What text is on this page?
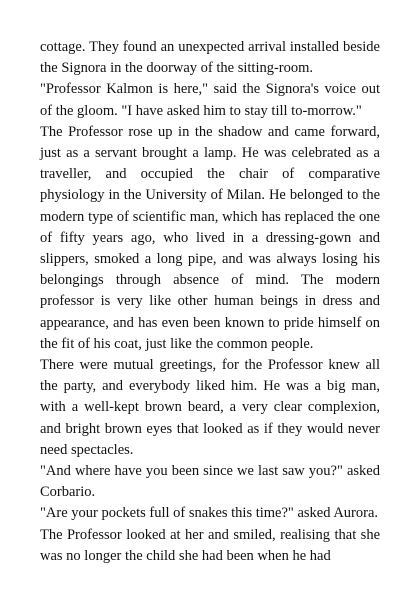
cottage. They found an unexpected arrival installed beside the Signora in the doorway of the sitting-room.

"Professor Kalmon is here," said the Signora's voice out of the gloom. "I have asked him to stay till to-morrow."

The Professor rose up in the shadow and came forward, just as a servant brought a lamp. He was celebrated as a traveller, and occupied the chair of comparative physiology in the University of Milan. He belonged to the modern type of scientific man, which has replaced the one of fifty years ago, who lived in a dressing-gown and slippers, smoked a long pipe, and was always losing his belongings through absence of mind. The modern professor is very like other human beings in dress and appearance, and has even been known to pride himself on the fit of his coat, just like the common people.

There were mutual greetings, for the Professor knew all the party, and everybody liked him. He was a big man, with a well-kept brown beard, a very clear complexion, and bright brown eyes that looked as if they would never need spectacles.

"And where have you been since we last saw you?" asked Corbario.

"Are your pockets full of snakes this time?" asked Aurora.

The Professor looked at her and smiled, realising that she was no longer the child she had been when he had
